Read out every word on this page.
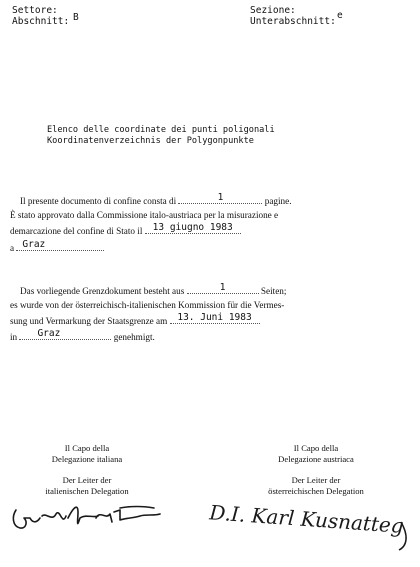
Settore:
Abschnitt: B
Sezione:
Unterabschnitt:
e
Elenco delle coordinate dei punti poligonali
Koordinatenverzeichnis der Polygonpunkte
Il presente documento di confine consta di	1	pagine.
È stato approvato dalla Commissione italo-austriaca per la misurazione e
demarcazione del confine di Stato il	13 giugno 1983
a Graz
Das vorliegende Grenzdokument besteht aus	1	Seiten;
es wurde von der österreichisch-italienischen Kommission für die Vermes-
sung und Vermarkung der Staatsgrenze am	13. Juni 1983
in Graz	genehmigt.
Il Capo della
Delegazione italiana
Der Leiter der
italienischen Delegation
Il Capo della
Delegazione austriaca
Der Leiter der
österreichischen Delegation
D.I. Karl Kusnatteg
